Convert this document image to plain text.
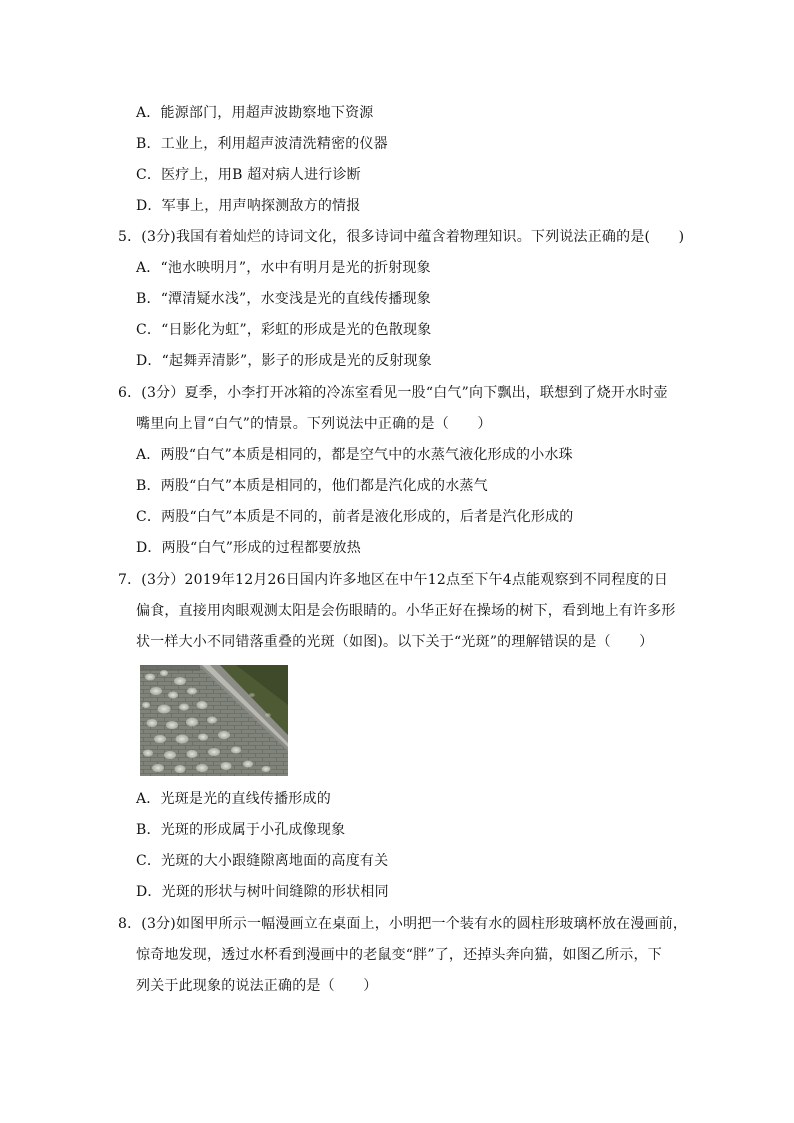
A．能源部门，用超声波勘察地下资源
B．工业上，利用超声波清洗精密的仪器
C．医疗上，用B 超对病人进行诊断
D．军事上，用声呐探测敌方的情报
5．(3分)我国有着灿烂的诗词文化，很多诗词中蕴含着物理知识。下列说法正确的是(　　)
A．“池水映明月”，水中有明月是光的折射现象
B．“潭清疑水浅”，水变浅是光的直线传播现象
C．“日影化为虹”，彩虹的形成是光的色散现象
D．“起舞弄清影”，影子的形成是光的反射现象
6．(3分）夏季，小李打开冰箱的冷冻室看见一股“白气”向下飘出，联想到了烧开水时壶
嘴里向上冒“白气”的情景。下列说法中正确的是（　　）
A．两股“白气”本质是相同的，都是空气中的水蒸气液化形成的小水珠
B．两股“白气”本质是相同的，他们都是汽化成的水蒸气
C．两股“白气”本质是不同的，前者是液化形成的，后者是汽化形成的
D．两股“白气”形成的过程都要放热
7．(3分）2019年12月26日国内许多地区在中午12点至下午4点能观察到不同程度的日
偏食，直接用肉眼观测太阳是会伤眼睛的。小华正好在操场的树下，看到地上有许多形
状一样大小不同错落重叠的光斑（如图)。以下关于“光斑”的理解错误的是（　　）
A．光斑是光的直线传播形成的
B．光斑的形成属于小孔成像现象
C．光斑的大小跟缝隙离地面的高度有关
D．光斑的形状与树叶间缝隙的形状相同
8．(3分)如图甲所示一幅漫画立在桌面上，小明把一个装有水的圆柱形玻璃杯放在漫画前，
惊奇地发现，透过水杯看到漫画中的老鼠变“胖”了，还掉头奔向猫，如图乙所示，下
列关于此现象的说法正确的是（　　）
